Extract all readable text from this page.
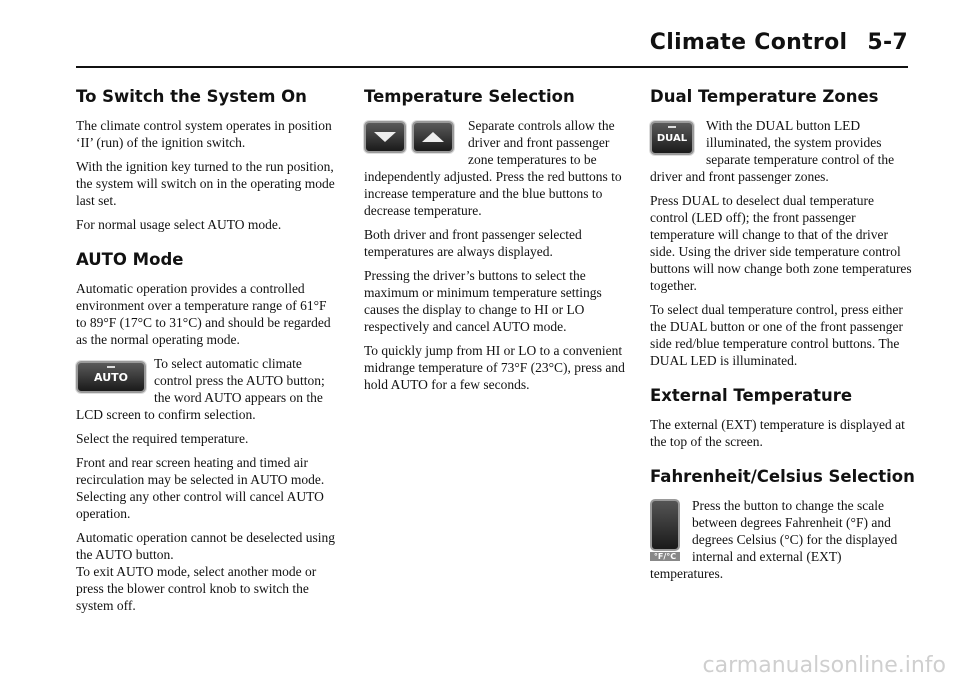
Climate Control 5-7
To Switch the System On

The climate control system operates in position ‘II’ (run) of the ignition switch.

With the ignition key turned to the run position, the system will switch on in the operating mode last set.

For normal usage select AUTO mode.

AUTO Mode

Automatic operation provides a controlled environment over a temperature range of 61°F to 89°F (17°C to 31°C) and should be regarded as the normal operating mode.

AUTO

To select automatic climate control press the AUTO button; the word AUTO appears on the LCD screen to confirm selection.

Select the required temperature.

Front and rear screen heating and timed air recirculation may be selected in AUTO mode. Selecting any other control will cancel AUTO operation.

Automatic operation cannot be deselected using the AUTO button.

To exit AUTO mode, select another mode or press the blower control knob to switch the system off.

Temperature Selection

Separate controls allow the driver and front passenger zone temperatures to be independently adjusted. Press the red buttons to increase temperature and the blue buttons to decrease temperature.

Both driver and front passenger selected temperatures are always displayed.

Pressing the driver’s buttons to select the maximum or minimum temperature settings causes the display to change to HI or LO respectively and cancel AUTO mode.

To quickly jump from HI or LO to a convenient midrange temperature of 73°F (23°C), press and hold AUTO for a few seconds.

Dual Temperature Zones
DUAL

With the DUAL button LED illuminated, the system provides separate temperature control of the driver and front passenger zones.

Press DUAL to deselect dual temperature control (LED off); the front passenger temperature will change to that of the driver side. Using the driver side temperature control buttons will now change both zone temperatures together.

To select dual temperature control, press either the DUAL button or one of the front passenger side red/blue temperature control buttons. The DUAL LED is illuminated.

External Temperature

The external (EXT) temperature is displayed at the top of the screen.

Fahrenheit/Celsius Selection
°F/°C

Press the button to change the scale between degrees Fahrenheit (°F) and degrees Celsius (°C) for the displayed internal and external (EXT) temperatures.

carmanualsonline.info
